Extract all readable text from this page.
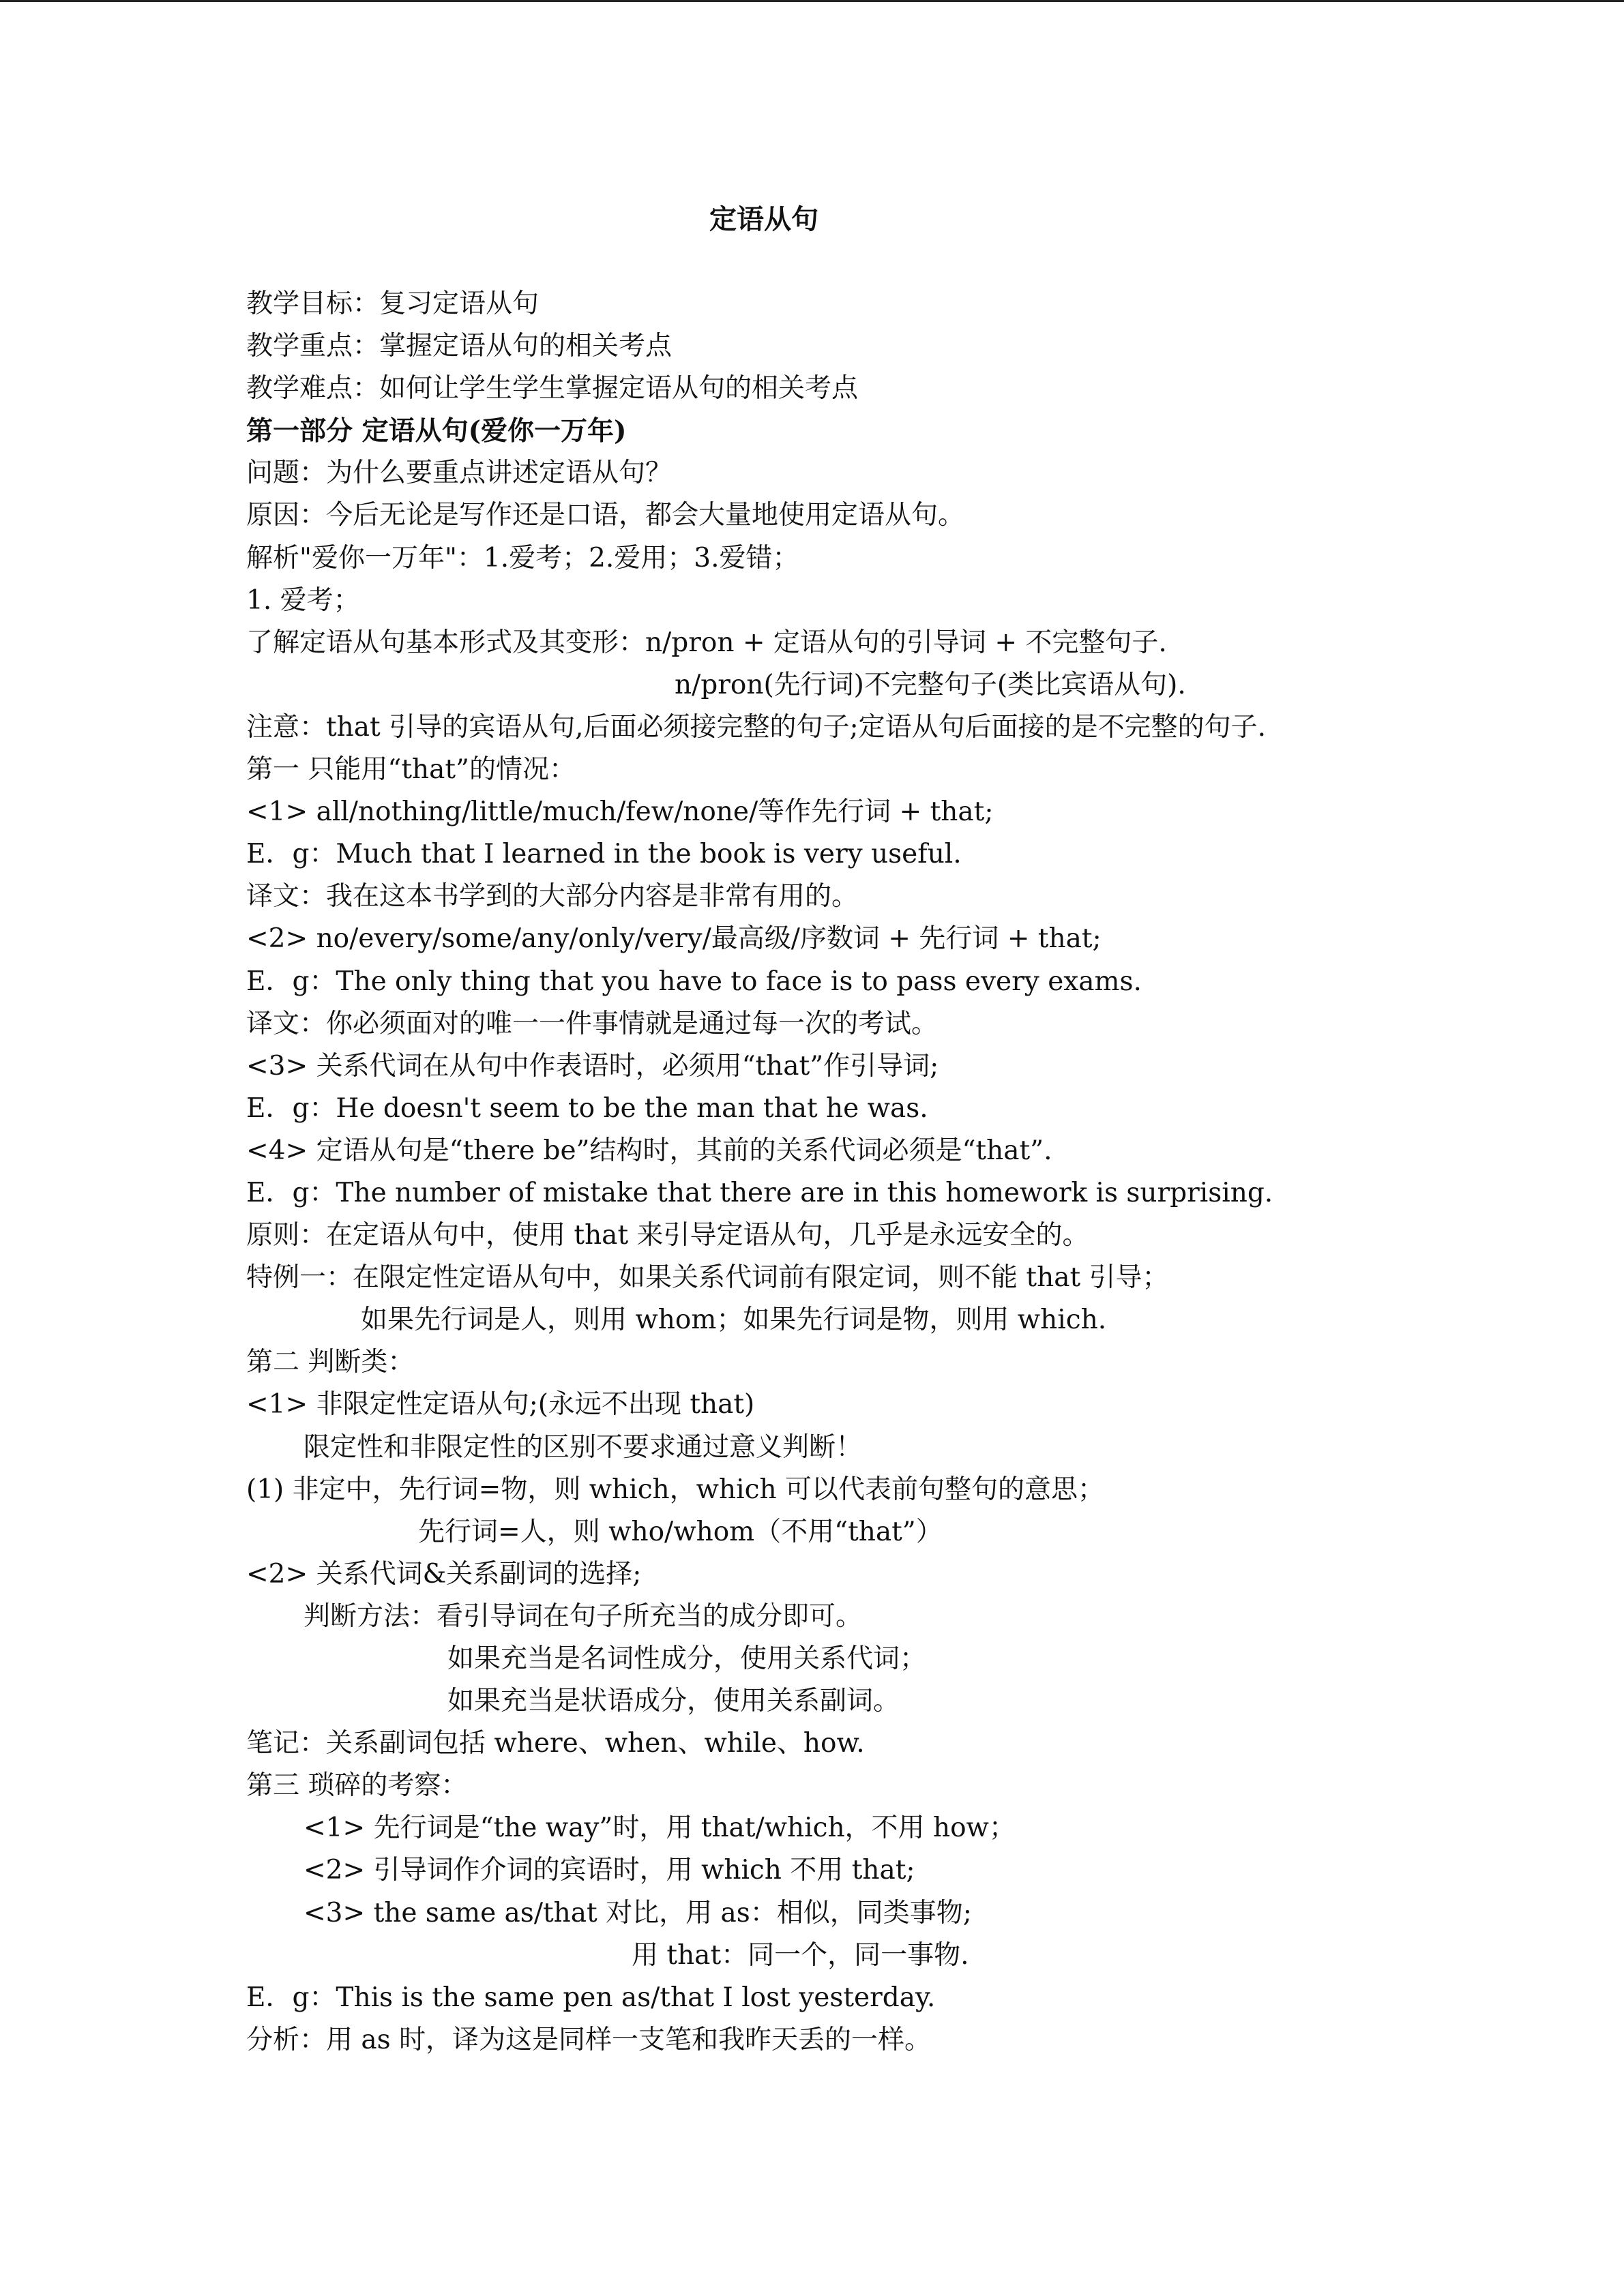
定语从句
教学目标：复习定语从句
教学重点：掌握定语从句的相关考点
教学难点：如何让学生学生掌握定语从句的相关考点
第一部分 定语从句(爱你一万年)
问题：为什么要重点讲述定语从句？
原因：今后无论是写作还是口语，都会大量地使用定语从句。
解析"爱你一万年"：1.爱考；2.爱用；3.爱错；
1. 爱考；
了解定语从句基本形式及其变形：n/pron + 定语从句的引导词 + 不完整句子.
n/pron(先行词)不完整句子(类比宾语从句).
注意：that 引导的宾语从句,后面必须接完整的句子;定语从句后面接的是不完整的句子.
第一 只能用“that”的情况：
<1> all/nothing/little/much/few/none/等作先行词 + that;
E．g：Much that I learned in the book is very useful.
译文：我在这本书学到的大部分内容是非常有用的。
<2> no/every/some/any/only/very/最高级/序数词 + 先行词 + that;
E．g：The only thing that you have to face is to pass every exams.
译文：你必须面对的唯一一件事情就是通过每一次的考试。
<3> 关系代词在从句中作表语时，必须用“that”作引导词;
E．g：He doesn't seem to be the man that he was.
<4> 定语从句是“there be”结构时，其前的关系代词必须是“that”.
E．g：The number of mistake that there are in this homework is surprising.
原则：在定语从句中，使用 that 来引导定语从句，几乎是永远安全的。
特例一：在限定性定语从句中，如果关系代词前有限定词，则不能 that 引导；
如果先行词是人，则用 whom；如果先行词是物，则用 which.
第二 判断类：
<1> 非限定性定语从句;(永远不出现 that)
限定性和非限定性的区别不要求通过意义判断！
(1) 非定中，先行词=物，则 which，which 可以代表前句整句的意思；
先行词=人，则 who/whom（不用“that”）
<2> 关系代词&关系副词的选择;
判断方法：看引导词在句子所充当的成分即可。
如果充当是名词性成分，使用关系代词；
如果充当是状语成分，使用关系副词。
笔记：关系副词包括 where、when、while、how.
第三 琐碎的考察：
<1> 先行词是“the way”时，用 that/which，不用 how；
<2> 引导词作介词的宾语时，用 which 不用 that;
<3> the same as/that 对比，用 as：相似，同类事物;
用 that：同一个，同一事物.
E．g：This is the same pen as/that I lost yesterday.
分析：用 as 时，译为这是同样一支笔和我昨天丢的一样。
